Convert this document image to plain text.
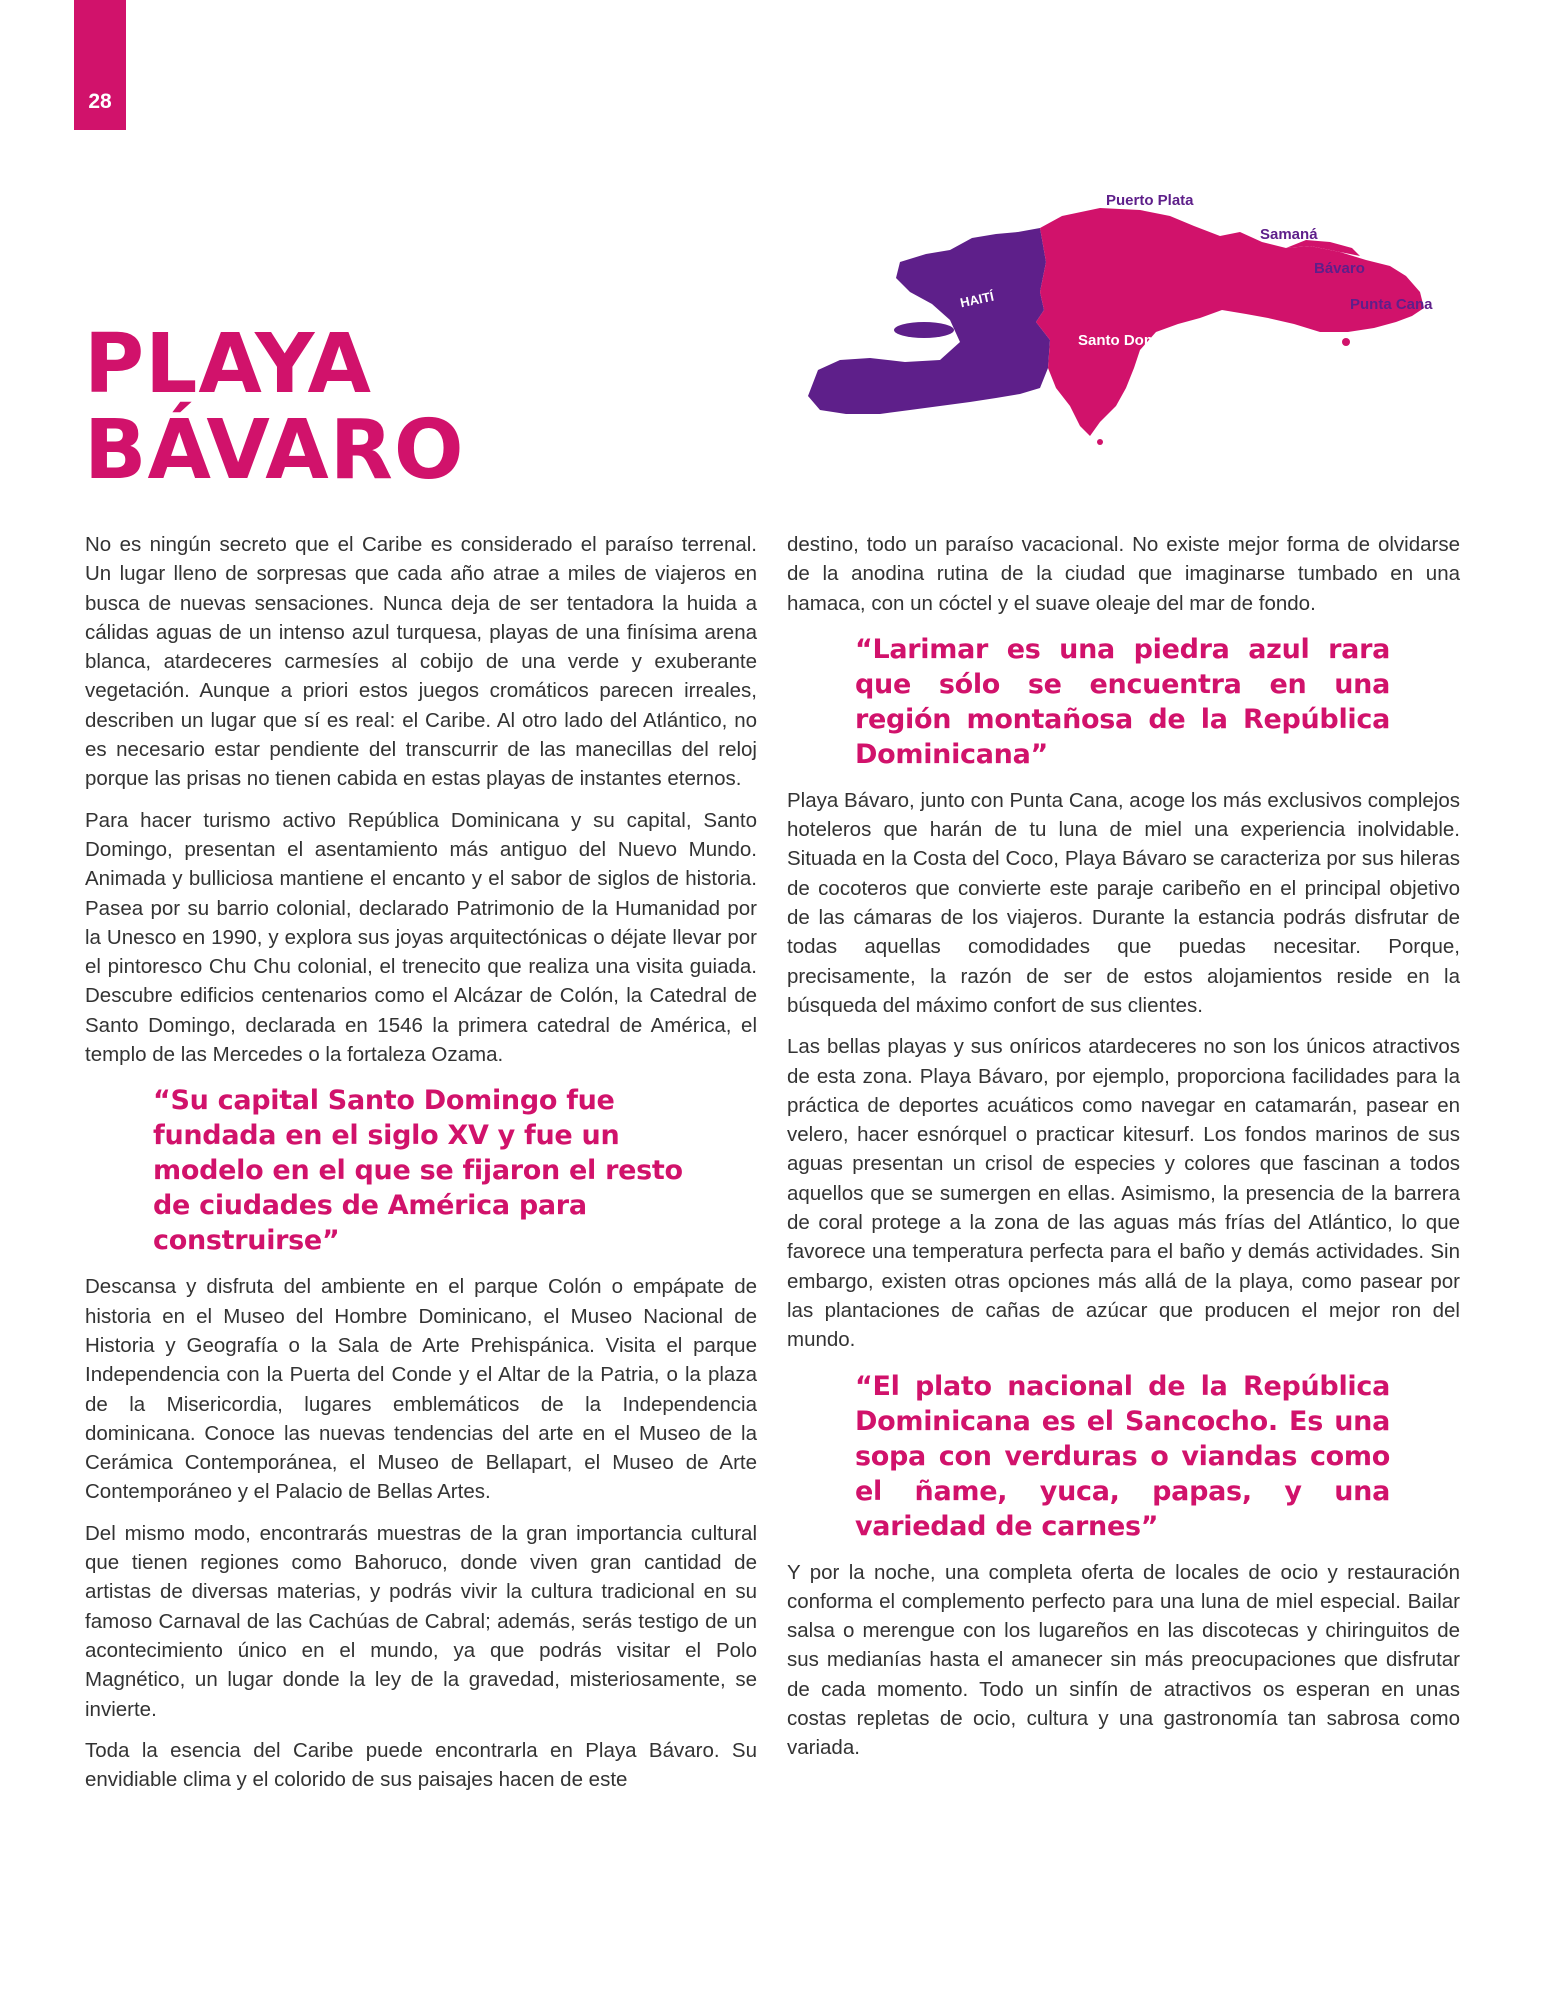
28
PLAYA
BÁVARO
Puerto Plata
Samaná
Bávaro
Punta Cana
HAITÍ
Santo Domingo	La Romana

No es ningún secreto que el Caribe es considerado el paraíso terrenal. Un lugar lleno de sorpresas que cada año atrae a miles de viajeros en busca de nuevas sensaciones. Nunca deja de ser tentadora la huida a cálidas aguas de un intenso azul turquesa, playas de una finísima arena blanca, atardeceres carmesíes al cobijo de una verde y exuberante vegetación. Aunque a priori estos juegos cromáticos parecen irreales, describen un lugar que sí es real: el Caribe. Al otro lado del Atlántico, no es necesario estar pendiente del transcurrir de las manecillas del reloj porque las prisas no tienen cabida en estas playas de instantes eternos.

Para hacer turismo activo República Dominicana y su capital, Santo Domingo, presentan el asentamiento más antiguo del Nuevo Mundo. Animada y bulliciosa mantiene el encanto y el sabor de siglos de historia. Pasea por su barrio colonial, declarado Patrimonio de la Humanidad por la Unesco en 1990, y explora sus joyas arquitectónicas o déjate llevar por el pintoresco Chu Chu colonial, el trenecito que realiza una visita guiada. Descubre edificios centenarios como el Alcázar de Colón, la Catedral de Santo Domingo, declarada en 1546 la primera catedral de América, el templo de las Mercedes o la fortaleza Ozama.

“Su capital Santo Domingo fue fundada en el siglo XV y fue un modelo en el que se fijaron el resto de ciudades de América para construirse”

Descansa y disfruta del ambiente en el parque Colón o empápate de historia en el Museo del Hombre Dominicano, el Museo Nacional de Historia y Geografía o la Sala de Arte Prehispánica. Visita el parque Independencia con la Puerta del Conde y el Altar de la Patria, o la plaza de la Misericordia, lugares emblemáticos de la Independencia dominicana. Conoce las nuevas tendencias del arte en el Museo de la Cerámica Contemporánea, el Museo de Bellapart, el Museo de Arte Contemporáneo y el Palacio de Bellas Artes.

Del mismo modo, encontrarás muestras de la gran importancia cultural que tienen regiones como Bahoruco, donde viven gran cantidad de artistas de diversas materias, y podrás vivir la cultura tradicional en su famoso Carnaval de las Cachúas de Cabral; además, serás testigo de un acontecimiento único en el mundo, ya que podrás visitar el Polo Magnético, un lugar donde la ley de la gravedad, misteriosamente, se invierte.

Toda la esencia del Caribe puede encontrarla en Playa Bávaro. Su envidiable clima y el colorido de sus paisajes hacen de este

destino, todo un paraíso vacacional. No existe mejor forma de olvidarse de la anodina rutina de la ciudad que imaginarse tumbado en una hamaca, con un cóctel y el suave oleaje del mar de fondo.

“Larimar es una piedra azul rara que sólo se encuentra en una región montañosa de la República Dominicana”

Playa Bávaro, junto con Punta Cana, acoge los más exclusivos complejos hoteleros que harán de tu luna de miel una experiencia inolvidable. Situada en la Costa del Coco, Playa Bávaro se caracteriza por sus hileras de cocoteros que convierte este paraje caribeño en el principal objetivo de las cámaras de los viajeros. Durante la estancia podrás disfrutar de todas aquellas comodidades que puedas necesitar. Porque, precisamente, la razón de ser de estos alojamientos reside en la búsqueda del máximo confort de sus clientes.

Las bellas playas y sus oníricos atardeceres no son los únicos atractivos de esta zona. Playa Bávaro, por ejemplo, proporciona facilidades para la práctica de deportes acuáticos como navegar en catamarán, pasear en velero, hacer esnórquel o practicar kitesurf. Los fondos marinos de sus aguas presentan un crisol de especies y colores que fascinan a todos aquellos que se sumergen en ellas. Asimismo, la presencia de la barrera de coral protege a la zona de las aguas más frías del Atlántico, lo que favorece una temperatura perfecta para el baño y demás actividades. Sin embargo, existen otras opciones más allá de la playa, como pasear por las plantaciones de cañas de azúcar que producen el mejor ron del mundo.

“El plato nacional de la República Dominicana es el Sancocho. Es una sopa con verduras o viandas como el ñame, yuca, papas, y una variedad de carnes”

Y por la noche, una completa oferta de locales de ocio y restauración conforma el complemento perfecto para una luna de miel especial. Bailar salsa o merengue con los lugareños en las discotecas y chiringuitos de sus medianías hasta el amanecer sin más preocupaciones que disfrutar de cada momento. Todo un sinfín de atractivos os esperan en unas costas repletas de ocio, cultura y una gastronomía tan sabrosa como variada.
